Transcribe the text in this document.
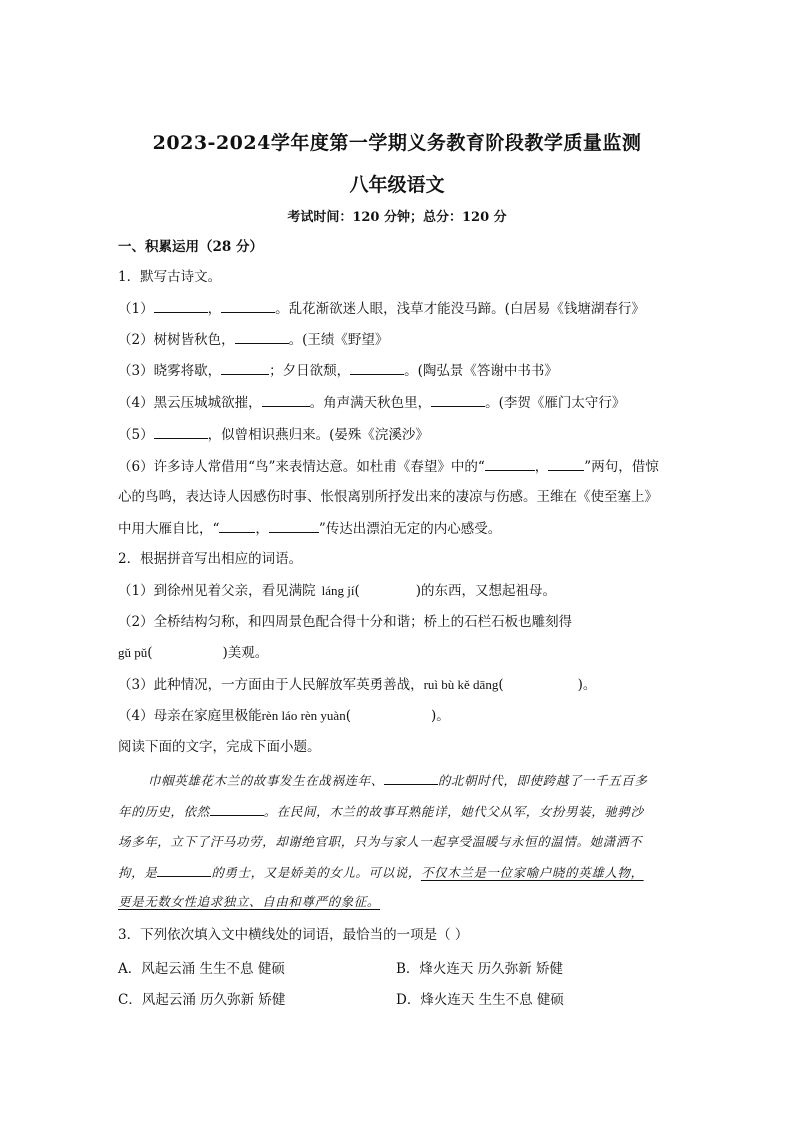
2023-2024学年度第一学期义务教育阶段教学质量监测
八年级语文
考试时间：120 分钟；总分：120 分
一、积累运用（28 分）
1．默写古诗文。
（1）	，	。乱花渐欲迷人眼，浅草才能没马蹄。(白居易《钱塘湖春行》
（2）树树皆秋色，	。(王绩《野望》
（3）晓雾将歇，	；夕日欲颓，	。(陶弘景《答谢中书书》
（4）黑云压城城欲摧，	。角声满天秋色里，	。(李贺《雁门太守行》
（5）	，似曾相识燕归来。(晏殊《浣溪沙》
（6）许多诗人常借用“鸟”来表情达意。如杜甫《春望》中的“	，	”两句，借惊
心的鸟鸣，表达诗人因感伤时事、怅恨离别所抒发出来的凄凉与伤感。王维在《使至塞上》
中用大雁自比，“	，	”传达出漂泊无定的内心感受。
2．根据拼音写出相应的词语。
（1）到徐州见着父亲，看见满院 láng jí(	)的东西，又想起祖母。
（2）全桥结构匀称，和四周景色配合得十分和谐；桥上的石栏石板也雕刻得
gǔ pǔ(	)美观。
（3）此种情况，一方面由于人民解放军英勇善战，ruì bù kě dāng(	)。
（4）母亲在家庭里极能rèn láo rèn yuàn(	)。
阅读下面的文字，完成下面小题。
巾帼英雄花木兰的故事发生在战祸连年、	的北朝时代，即使跨越了一千五百多
年的历史，依然	。在民间，木兰的故事耳熟能详，她代父从军，女扮男装，驰骋沙
场多年，立下了汗马功劳，却谢绝官职，只为与家人一起享受温暖与永恒的温情。她潇洒不
拘，是	的勇士，又是娇美的女儿。可以说，不仅木兰是一位家喻户晓的英雄人物，
更是无数女性追求独立、自由和尊严的象征。
3．下列依次填入文中横线处的词语，最恰当的一项是（ ）
A．风起云涌 生生不息 健硕	B．烽火连天 历久弥新 矫健
C．风起云涌 历久弥新 矫健	D．烽火连天 生生不息 健硕
